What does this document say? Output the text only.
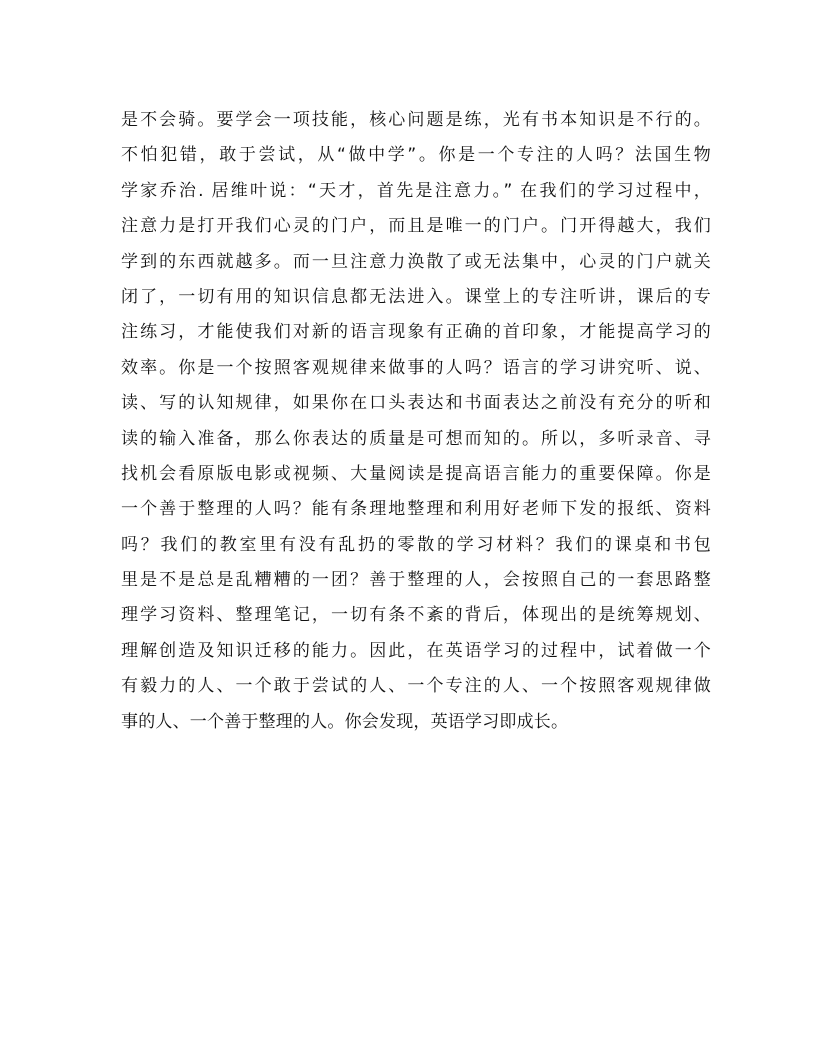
是不会骑。要学会一项技能，核心问题是练，光有书本知识是不行的。
不怕犯错，敢于尝试，从“做中学”。你是一个专注的人吗？法国生物
学家乔治. 居维叶说：“天才，首先是注意力。” 在我们的学习过程中，
注意力是打开我们心灵的门户，而且是唯一的门户。门开得越大，我们
学到的东西就越多。而一旦注意力涣散了或无法集中，心灵的门户就关
闭了，一切有用的知识信息都无法进入。课堂上的专注听讲，课后的专
注练习，才能使我们对新的语言现象有正确的首印象，才能提高学习的
效率。你是一个按照客观规律来做事的人吗？语言的学习讲究听、说、
读、写的认知规律，如果你在口头表达和书面表达之前没有充分的听和
读的输入准备，那么你表达的质量是可想而知的。所以，多听录音、寻
找机会看原版电影或视频、大量阅读是提高语言能力的重要保障。你是
一个善于整理的人吗？能有条理地整理和利用好老师下发的报纸、资料
吗？我们的教室里有没有乱扔的零散的学习材料？我们的课桌和书包
里是不是总是乱糟糟的一团？善于整理的人，会按照自己的一套思路整
理学习资料、整理笔记，一切有条不紊的背后，体现出的是统筹规划、
理解创造及知识迁移的能力。因此，在英语学习的过程中，试着做一个
有毅力的人、一个敢于尝试的人、一个专注的人、一个按照客观规律做
事的人、一个善于整理的人。你会发现，英语学习即成长。
